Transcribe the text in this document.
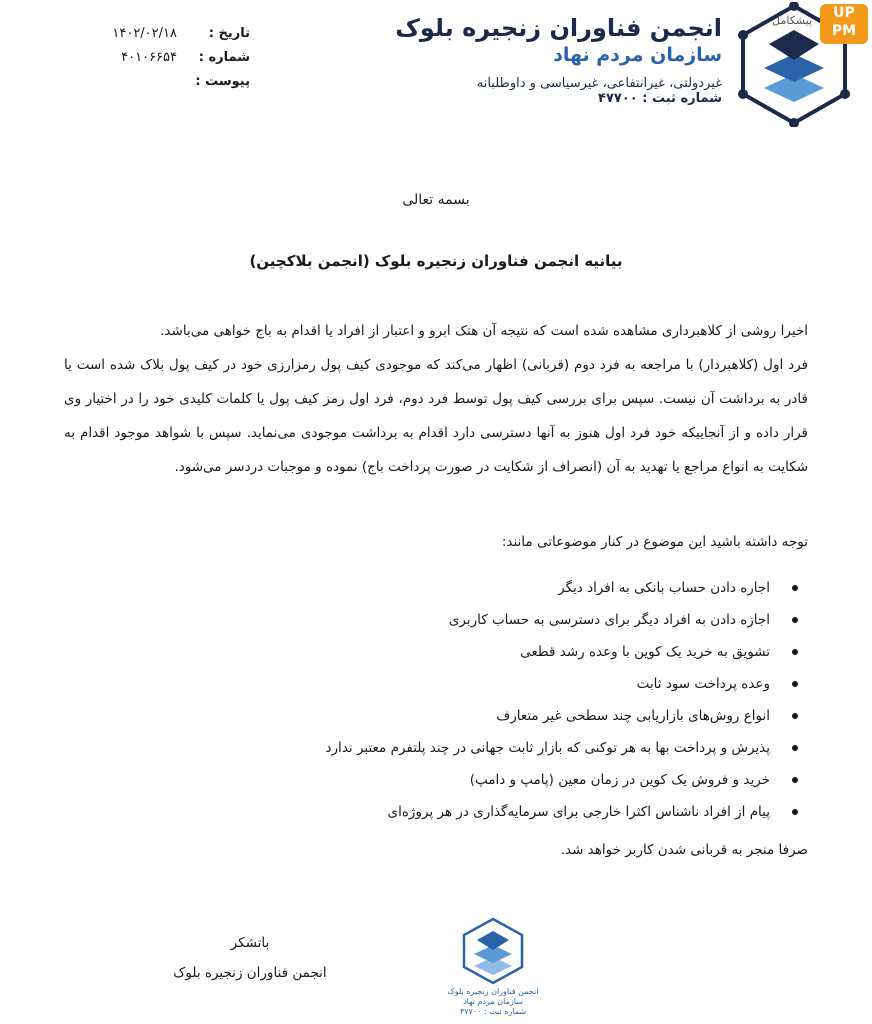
انجمن فناوران زنجیره بلوک

سازمان مردم نهاد

غیردولتی، غیرانتفاعی، غیرسیاسی و داوطلبانه

شماره ثبت : ۴۷۷۰۰

UP PM
پیشکامل
تاریخ :
۱۴۰۲/۰۲/۱۸
شماره :
۴۰۱۰۶۶۵۴
پیوست :
بسمه تعالی
بیانیه انجمن فناوران زنجیره بلوک (انجمن بلاکچین)

اخیرا روشی از کلاهبرداری مشاهده شده است که نتیجه آن هتک ابرو و اعتبار از افراد یا اقدام به باج خواهی می‌باشد.

فرد اول (کلاهبردار) با مراجعه به فرد دوم (قربانی) اظهار می‌کند که موجودی کیف پول رمزارزی خود در کیف پول بلاک شده است یا قادر به برداشت آن نیست. سپس برای بررسی کیف پول توسط فرد دوم، فرد اول رمز کیف پول یا کلمات کلیدی خود را در اختیار وی قرار داده و از آنجاییکه خود فرد اول هنوز به آنها دسترسی دارد اقدام به برداشت موجودی می‌نماید. سپس با شواهد موجود اقدام به شکایت به انواع مراجع یا تهدید به آن (انصراف از شکایت در صورت پرداخت باج) نموده و موجبات دردسر می‌شود.

توجه داشته باشید این موضوع در کنار موضوعاتی مانند:
اجاره دادن حساب بانکی به افراد دیگر
اجازه دادن به افراد دیگر برای دسترسی به حساب کاربری
تشویق به خرید یک کوین با وعده رشد قطعی
وعده پرداخت سود ثابت
انواع روش‌های بازاریابی چند سطحی غیر متعارف
پذیرش و پرداخت بها به هر توکنی که بازار ثابت جهانی در چند پلتفرم معتبر ندارد
خرید و فروش یک کوین در زمان معین (پامپ و دامپ)
پیام از افراد ناشناس اکثرا خارجی برای سرمایه‌گذاری در هر پروژه‌ای
صرفا منجر به قربانی شدن کاربر خواهد شد.
باتشکر
انجمن فناوران زنجیره بلوک
انجمن فناوران زنجیره بلوک
سازمان مردم نهاد
شماره ثبت : ۴۷۷۰۰
